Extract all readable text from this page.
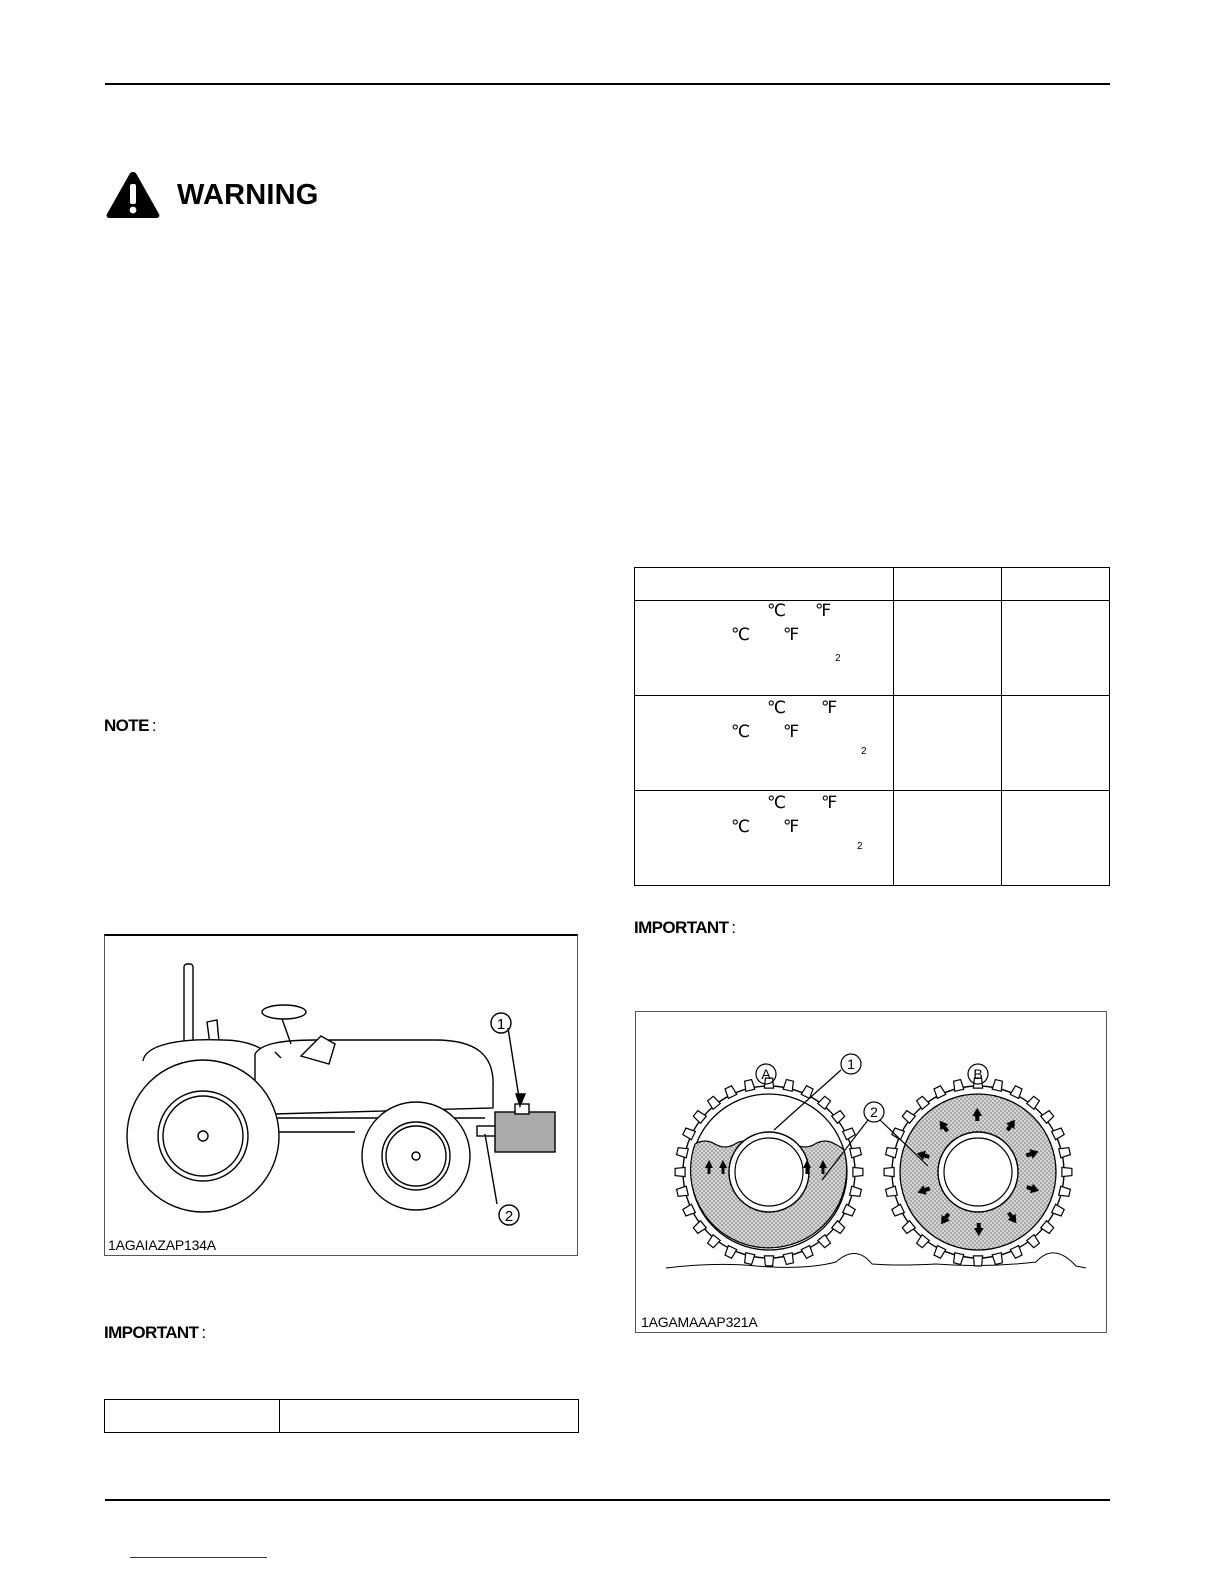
WARNING
NOTE :
1
2
1AGAIAZAP134A
IMPORTANT :

℃ ℉
℃ ℉
2		

℃ ℉
℃ ℉
2		

℃ ℉
℃ ℉
2		

IMPORTANT :
A	B
1
2
1AGAMAAAP321A
